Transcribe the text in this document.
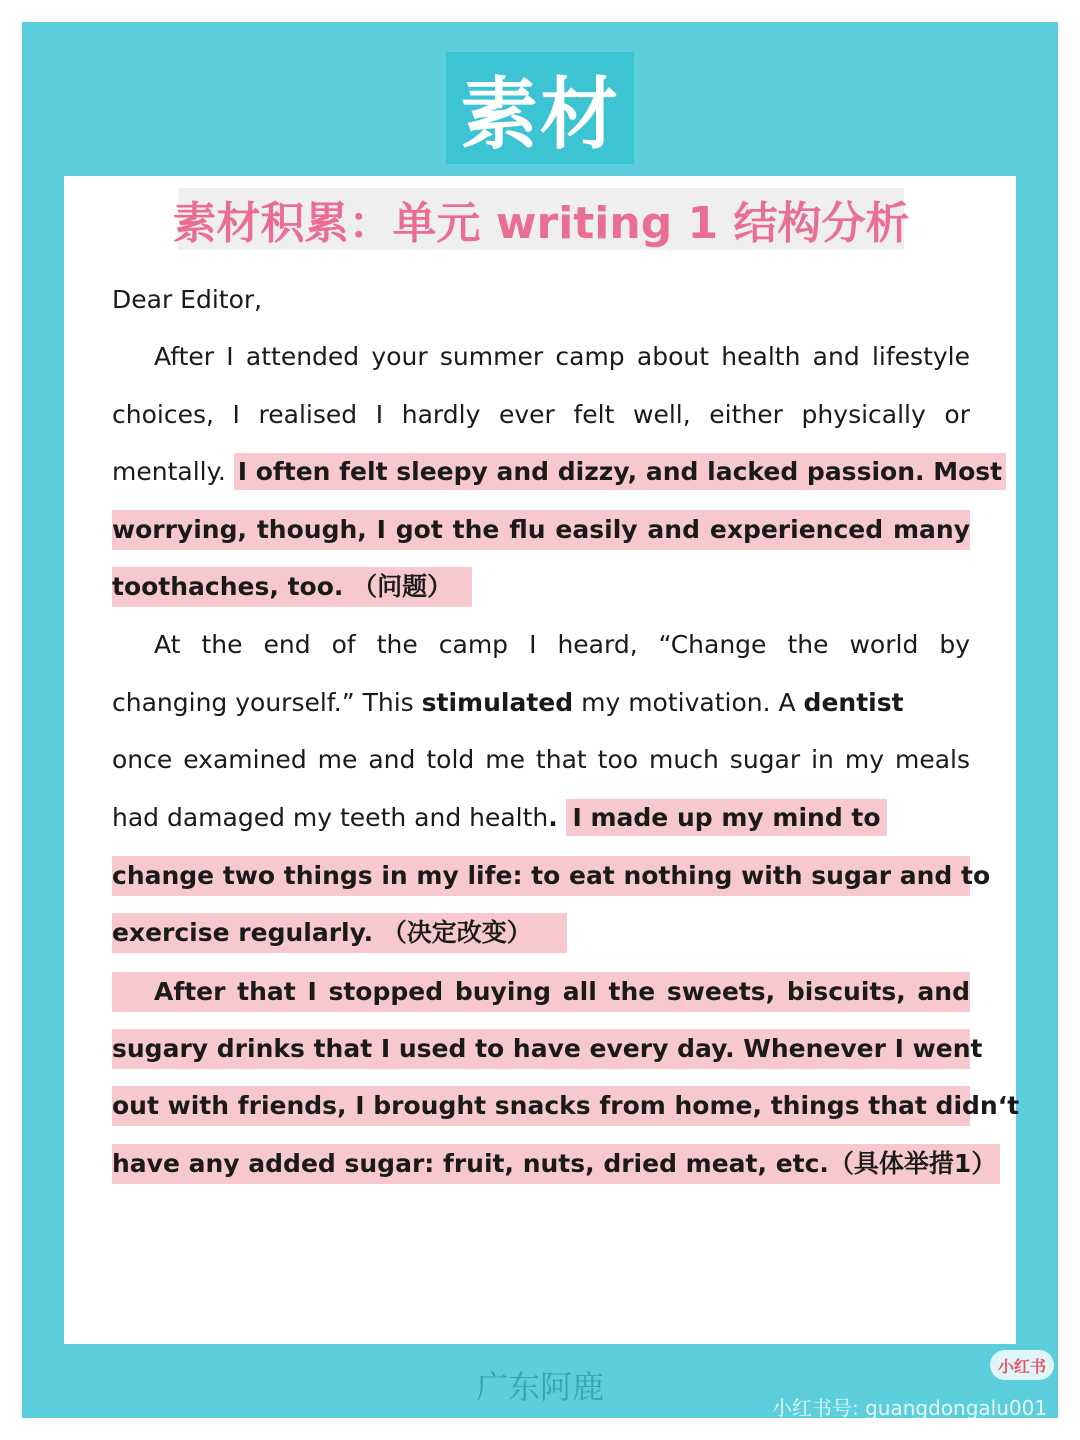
素材
素材积累：单元 writing 1 结构分析
Dear Editor,
After I attended your summer camp about health and lifestyle
choices, I realised I hardly ever felt well, either physically or
mentally. I often felt sleepy and dizzy, and lacked passion. Most
worrying, though, I got the flu easily and experienced many
toothaches, too. （问题）
At the end of the camp I heard, “Change the world by
changing yourself.” This stimulated my motivation. A dentist
once examined me and told me that too much sugar in my meals
had damaged my teeth and health. I made up my mind to
change two things in my life: to eat nothing with sugar and to
exercise regularly. （决定改变）
After that I stopped buying all the sweets, biscuits, and
sugary drinks that I used to have every day. Whenever I went
out with friends, I brought snacks from home, things that didn‘t
have any added sugar: fruit, nuts, dried meat, etc.（具体举措1）
广东阿鹿
小红书
小红书号: guangdongalu001
